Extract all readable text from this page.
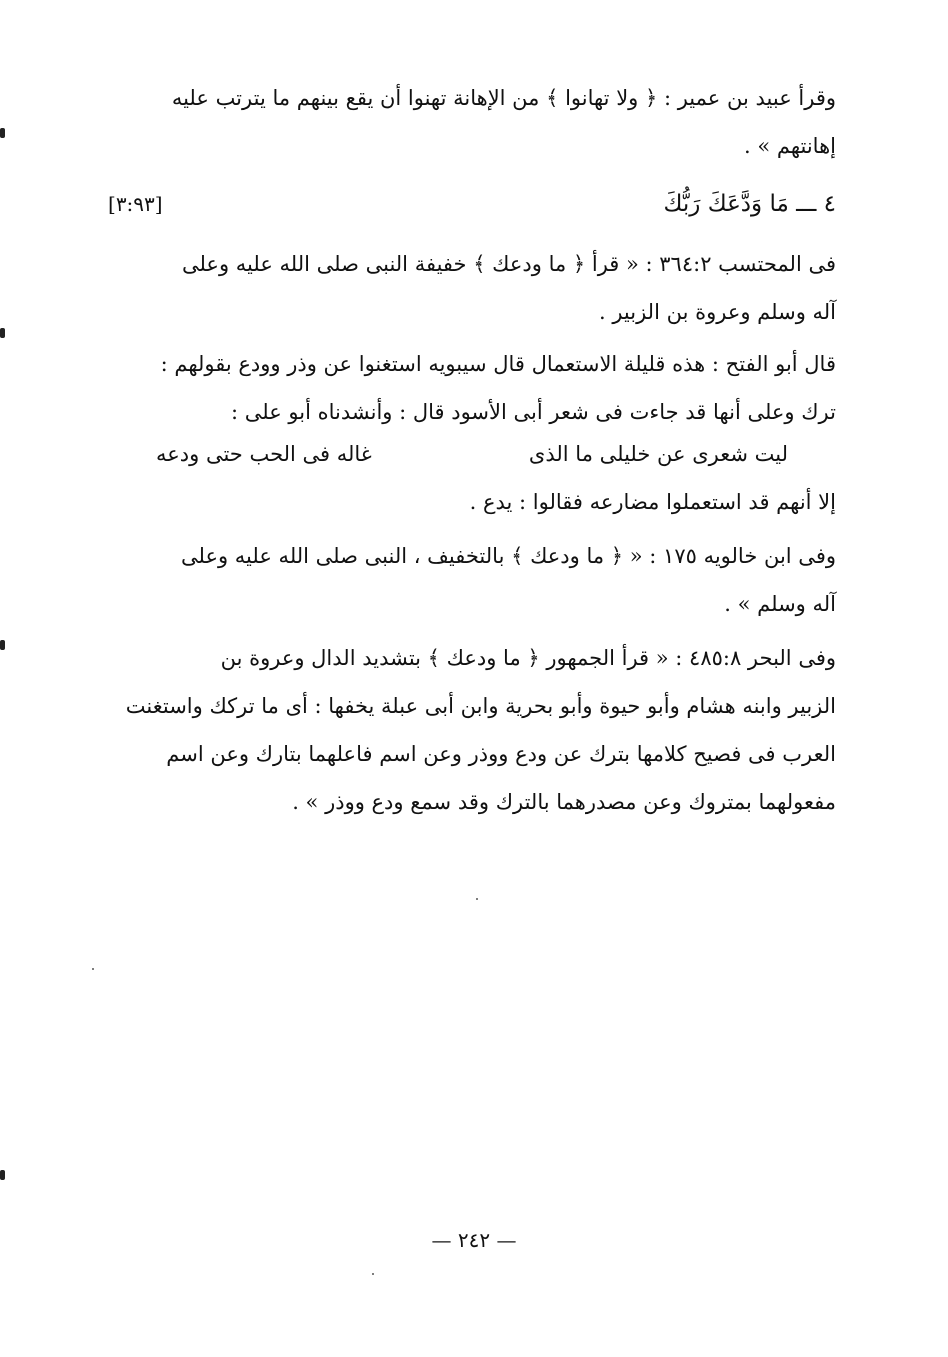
وقرأ عبيد بن عمير : ﴿ ولا تهانوا ﴾ من الإهانة تهنوا أن يقع بينهم ما يترتب عليه
إهانتهم » .
٤ ـــ مَا وَدَّعَكَ رَبُّكَ
[٣:٩٣]
فى المحتسب ٣٦٤:٢ : « قرأ ﴿ ما ودعك ﴾ خفيفة النبى صلى الله عليه وعلى
آله وسلم وعروة بن الزبير .
قال أبو الفتح : هذه قليلة الاستعمال قال سيبويه استغنوا عن وذر وودع بقولهم :
ترك وعلى أنها قد جاءت فى شعر أبى الأسود قال : وأنشدناه أبو على :
ليت شعرى عن خليلى ما الذى
غاله فى الحب حتى ودعه
إلا أنهم قد استعملوا مضارعه فقالوا : يدع .
وفى ابن خالويه ١٧٥ : « ﴿ ما ودعك ﴾ بالتخفيف ، النبى صلى الله عليه وعلى
آله وسلم » .
وفى البحر ٤٨٥:٨ : « قرأ الجمهور ﴿ ما ودعك ﴾ بتشديد الدال وعروة بن
الزبير وابنه هشام وأبو حيوة وأبو بحرية وابن أبى عبلة يخفها : أى ما تركك واستغنت
العرب فى فصيح كلامها بترك عن ودع ووذر وعن اسم فاعلهما بتارك وعن اسم
مفعولهما بمتروك وعن مصدرهما بالترك وقد سمع ودع ووذر » .
— ٢٤٢ —
